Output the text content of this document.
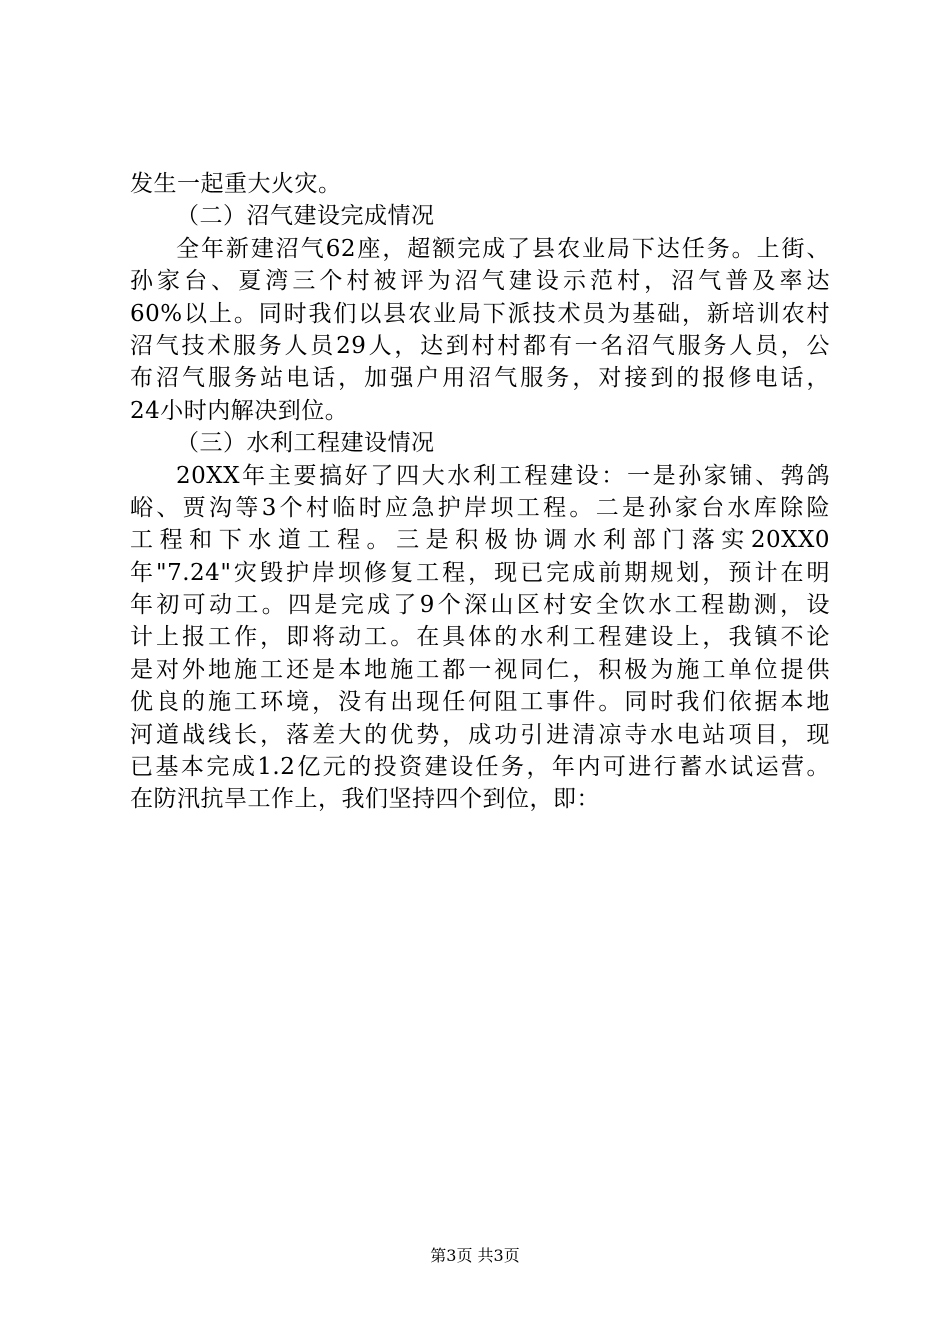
发生一起重大火灾。
（二）沼气建设完成情况
全年新建沼气62座，超额完成了县农业局下达任务。上街、
孙家台、夏湾三个村被评为沼气建设示范村，沼气普及率达
60%以上。同时我们以县农业局下派技术员为基础，新培训农村
沼气技术服务人员29人，达到村村都有一名沼气服务人员，公
布沼气服务站电话，加强户用沼气服务，对接到的报修电话，
24小时内解决到位。
（三）水利工程建设情况
20XX年主要搞好了四大水利工程建设：一是孙家铺、鹁鸽
峪、贾沟等3个村临时应急护岸坝工程。二是孙家台水库除险
工程和下水道工程。三是积极协调水利部门落实20XX0
年"7.24"灾毁护岸坝修复工程，现已完成前期规划，预计在明
年初可动工。四是完成了9个深山区村安全饮水工程勘测，设
计上报工作，即将动工。在具体的水利工程建设上，我镇不论
是对外地施工还是本地施工都一视同仁，积极为施工单位提供
优良的施工环境，没有出现任何阻工事件。同时我们依据本地
河道战线长，落差大的优势，成功引进清凉寺水电站项目，现
已基本完成1.2亿元的投资建设任务，年内可进行蓄水试运营。
在防汛抗旱工作上，我们坚持四个到位，即：
第3页 共3页
